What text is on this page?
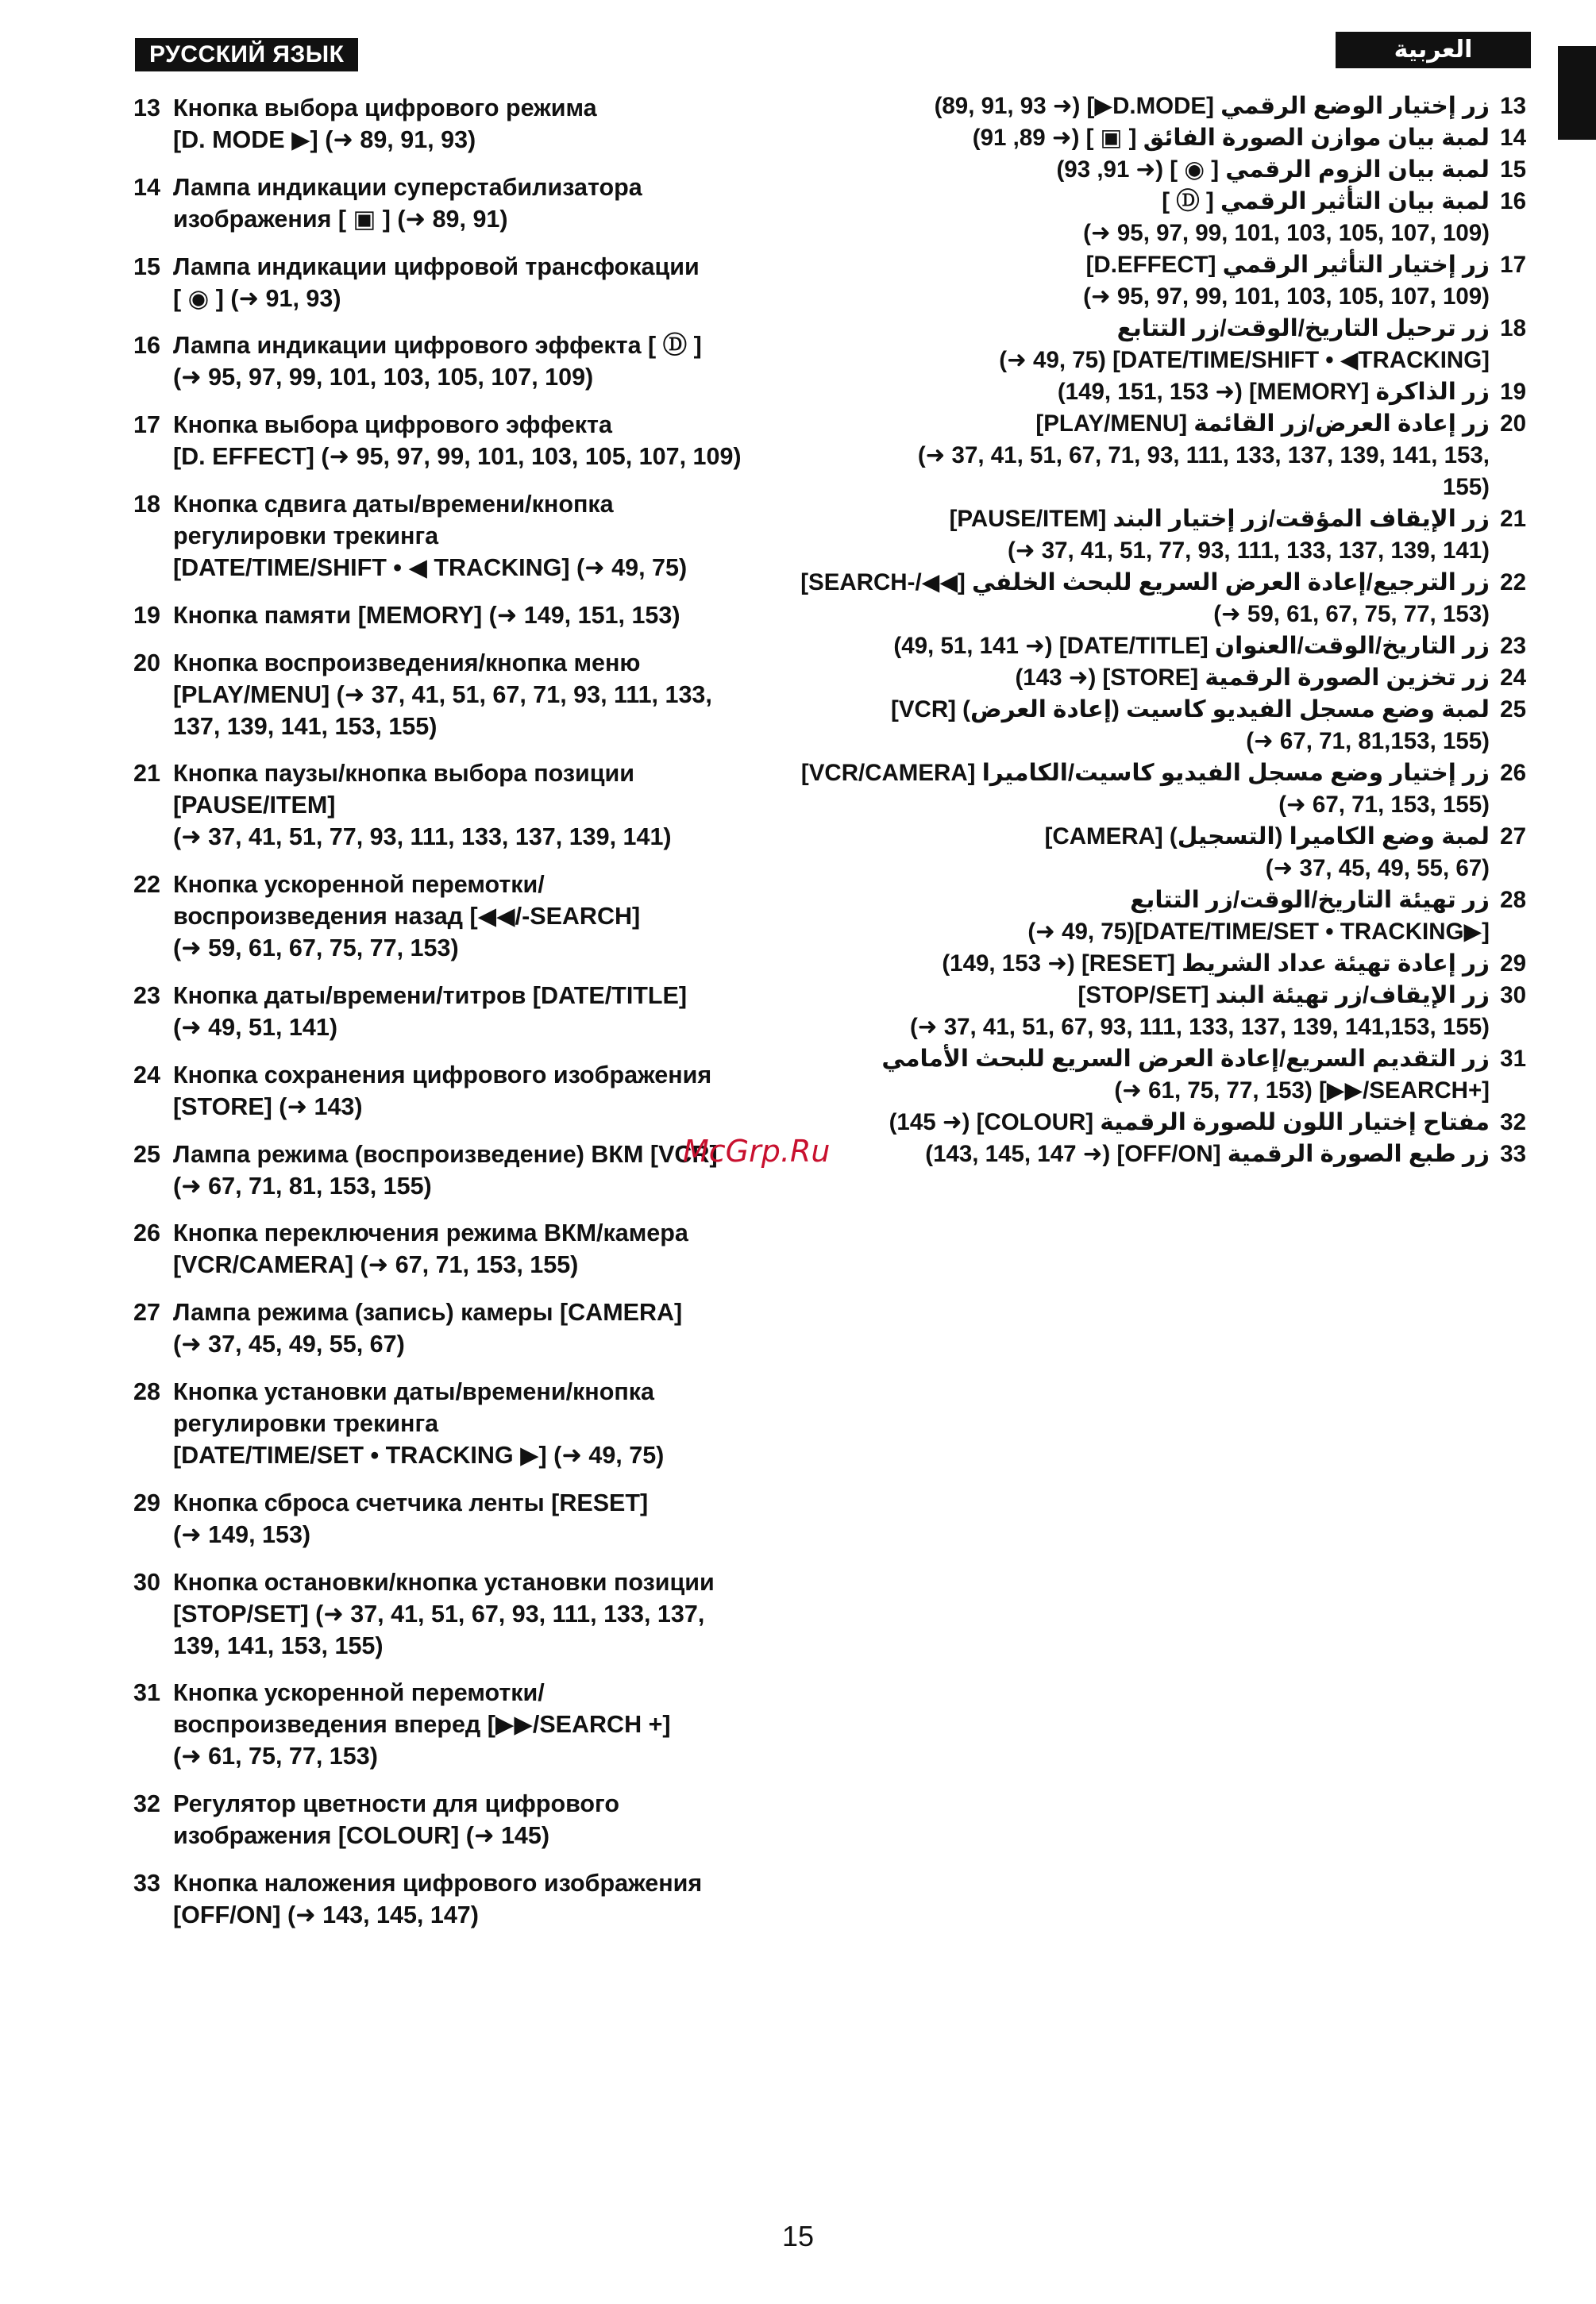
РУССКИЙ ЯЗЫК	العربية
13 Кнопка выбора цифрового режима
[D. MODE ▶] (➜ 89, 91, 93)
14 Лампа индикации суперстабилизатора
изображения [ ▣ ] (➜ 89, 91)
15 Лампа индикации цифровой трансфокации
[ ◉ ] (➜ 91, 93)
16 Лампа индикации цифрового эффекта [ Ⓓ ]
(➜ 95, 97, 99, 101, 103, 105, 107, 109)
17 Кнопка выбора цифрового эффекта
[D. EFFECT] (➜ 95, 97, 99, 101, 103, 105, 107, 109)
18 Кнопка сдвига даты/времени/кнопка
регулировки трекинга
[DATE/TIME/SHIFT • ◀ TRACKING] (➜ 49, 75)
19 Кнопка памяти [MEMORY] (➜ 149, 151, 153)
20 Кнопка воспроизведения/кнопка меню
[PLAY/MENU] (➜ 37, 41, 51, 67, 71, 93, 111, 133,
137, 139, 141, 153, 155)
21 Кнопка паузы/кнопка выбора позиции
[PAUSE/ITEM]
(➜ 37, 41, 51, 77, 93, 111, 133, 137, 139, 141)
22 Кнопка ускоренной перемотки/
воспроизведения назад [◀◀/-SEARCH]
(➜ 59, 61, 67, 75, 77, 153)
23 Кнопка даты/времени/титров [DATE/TITLE]
(➜ 49, 51, 141)
24 Кнопка сохранения цифрового изображения
[STORE] (➜ 143)
25 Лампа режима (воспроизведение) ВКМ [VCR]
(➜ 67, 71, 81, 153, 155)
26 Кнопка переключения режима ВКМ/камера
[VCR/CAMERA] (➜ 67, 71, 153, 155)
27 Лампа режима (запись) камеры [CAMERA]
(➜ 37, 45, 49, 55, 67)
28 Кнопка установки даты/времени/кнопка
регулировки трекинга
[DATE/TIME/SET • TRACKING ▶] (➜ 49, 75)
29 Кнопка сброса счетчика ленты [RESET]
(➜ 149, 153)
30 Кнопка остановки/кнопка установки позиции
[STOP/SET] (➜ 37, 41, 51, 67, 93, 111, 133, 137,
139, 141, 153, 155)
31 Кнопка ускоренной перемотки/
воспроизведения вперед [▶▶/SEARCH +]
(➜ 61, 75, 77, 153)
32 Регулятор цветности для цифрового
изображения [COLOUR] (➜ 145)
33 Кнопка наложения цифрового изображения
[OFF/ON] (➜ 143, 145, 147)
13
زر إختيار الوضع الرقمي [D.MODE▶] (➜ 89, 91, 93)
14
لمبة بيان موازن الصورة الفائق [ ▣ ] (➜ 89, 91)
15
لمبة بيان الزوم الرقمي [ ◉ ] (➜ 91, 93)
16
لمبة بيان التأثير الرقمي [ Ⓓ ]
(➜ 95, 97, 99, 101, 103, 105, 107, 109)
17
زر إختيار التأثير الرقمي [D.EFFECT]
(➜ 95, 97, 99, 101, 103, 105, 107, 109)
18
زر ترحيل التاريخ/الوقت/زر التتابع
(➜ 49, 75) [DATE/TIME/SHIFT • ◀TRACKING]
19
زر الذاكرة [MEMORY] (➜ 149, 151, 153)
20
زر إعادة العرض/زر القائمة [PLAY/MENU]
(➜ 37, 41, 51, 67, 71, 93, 111, 133, 137, 139, 141, 153,
155)
21
زر الإيقاف المؤقت/زر إختيار البند [PAUSE/ITEM]
(➜ 37, 41, 51, 77, 93, 111, 133, 137, 139, 141)
22
زر الترجيع/إعادة العرض السريع للبحث الخلفي [◀◀/-SEARCH]
(➜ 59, 61, 67, 75, 77, 153)
23
زر التاريخ/الوقت/العنوان [DATE/TITLE] (➜ 49, 51, 141)
24
زر تخزين الصورة الرقمية [STORE] (➜ 143)
25
لمبة وضع مسجل الفيديو كاسيت (إعادة العرض) [VCR]
(➜ 67, 71, 81,153, 155)
26
زر إختيار وضع مسجل الفيديو كاسيت/الكاميرا [VCR/CAMERA]
(➜ 67, 71, 153, 155)
27
لمبة وضع الكاميرا (التسجيل) [CAMERA]
(➜ 37, 45, 49, 55, 67)
28
زر تهيئة التاريخ/الوقت/زر التتابع
(➜ 49, 75)[DATE/TIME/SET • TRACKING▶]
29
زر إعادة تهيئة عداد الشريط [RESET] (➜ 149, 153)
30
زر الإيقاف/زر تهيئة البند [STOP/SET]
(➜ 37, 41, 51, 67, 93, 111, 133, 137, 139, 141,153, 155)
31
زر التقديم السريع/إعادة العرض السريع للبحث الأمامي
(➜ 61, 75, 77, 153) [▶▶/SEARCH+]
32
مفتاح إختيار اللون للصورة الرقمية [COLOUR] (➜ 145)
33
زر طبع الصورة الرقمية [OFF/ON] (➜ 143, 145, 147)
McGrp.Ru
15
